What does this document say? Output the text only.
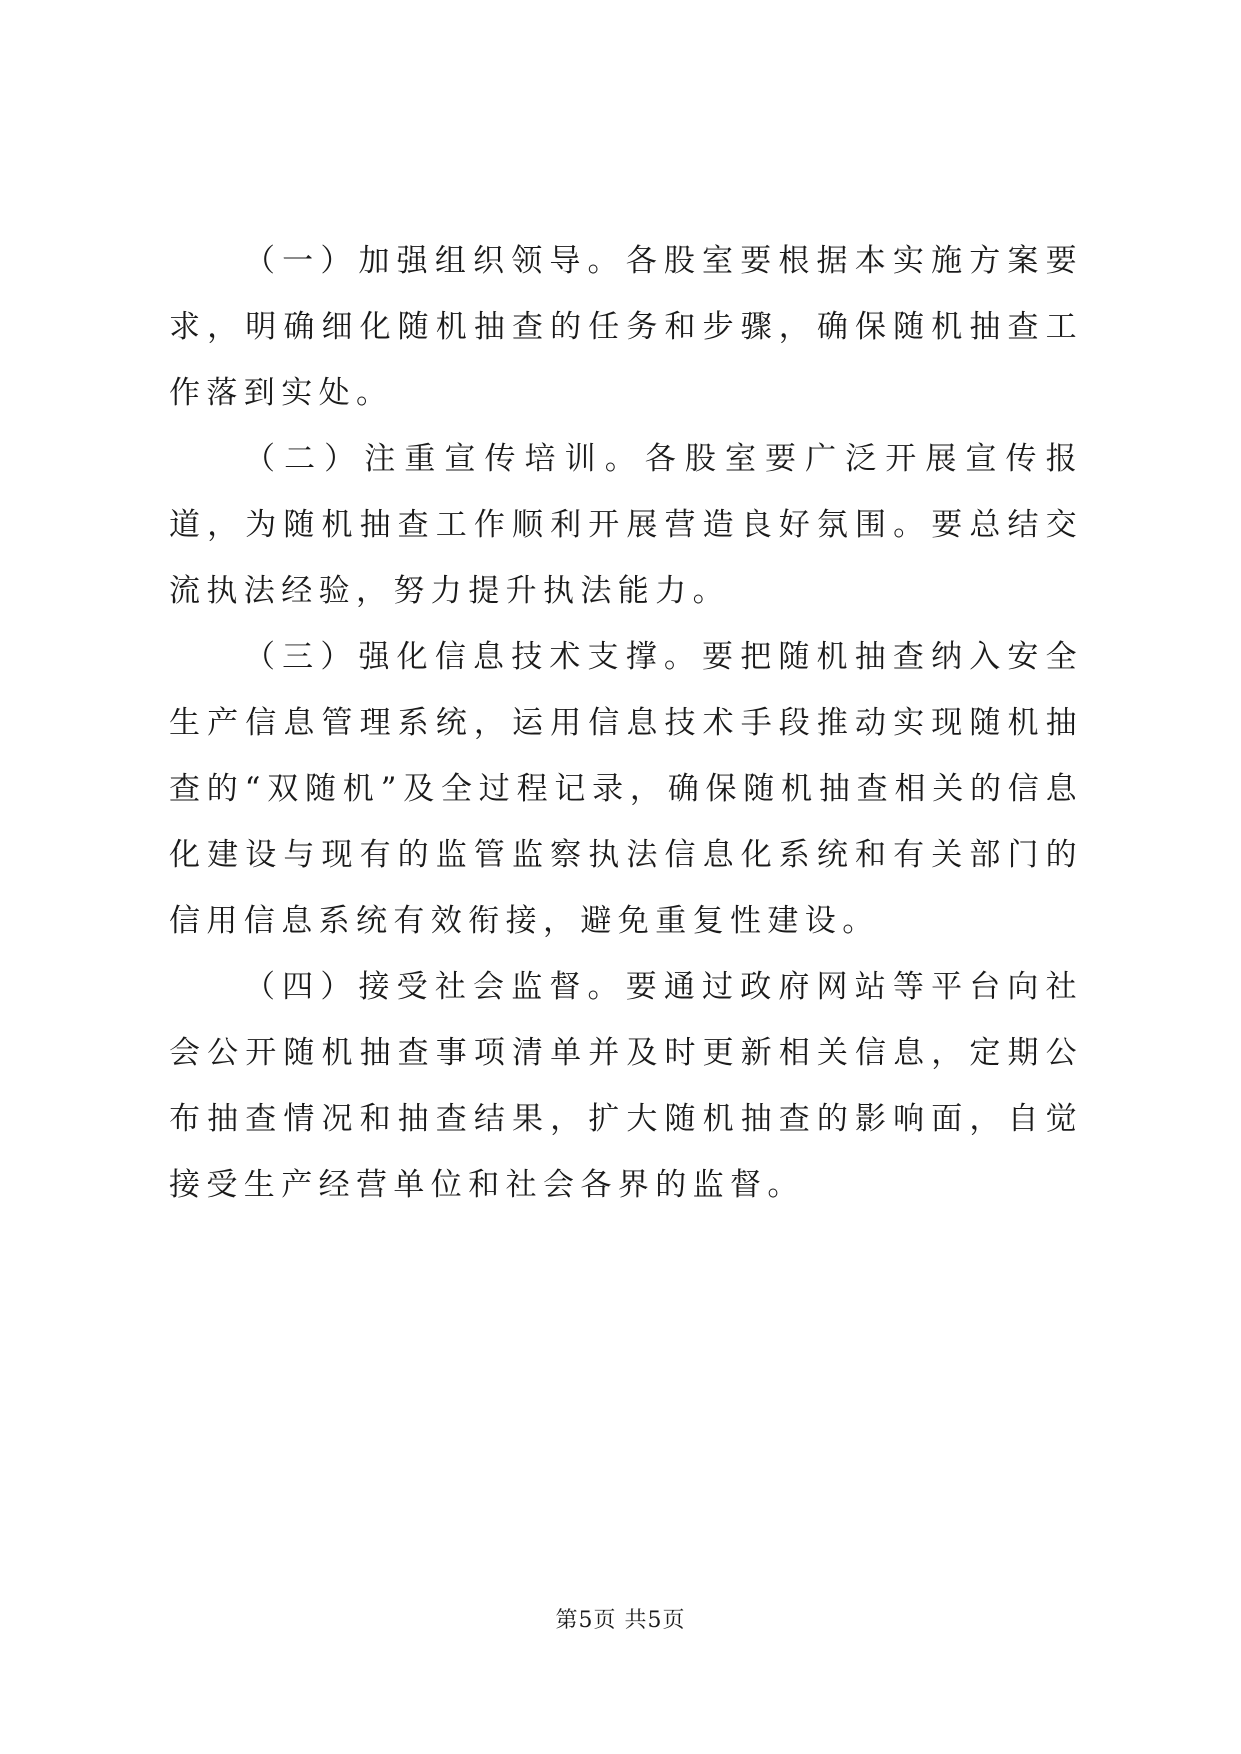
（一）加强组织领导。各股室要根据本实施方案要求，明确细化随机抽查的任务和步骤，确保随机抽查工作落到实处。

（二）注重宣传培训。各股室要广泛开展宣传报道，为随机抽查工作顺利开展营造良好氛围。要总结交流执法经验，努力提升执法能力。

（三）强化信息技术支撑。要把随机抽查纳入安全生产信息管理系统，运用信息技术手段推动实现随机抽查的“双随机”及全过程记录，确保随机抽查相关的信息化建设与现有的监管监察执法信息化系统和有关部门的信用信息系统有效衔接，避免重复性建设。

（四）接受社会监督。要通过政府网站等平台向社会公开随机抽查事项清单并及时更新相关信息，定期公布抽查情况和抽查结果，扩大随机抽查的影响面，自觉接受生产经营单位和社会各界的监督。

第5页 共5页
